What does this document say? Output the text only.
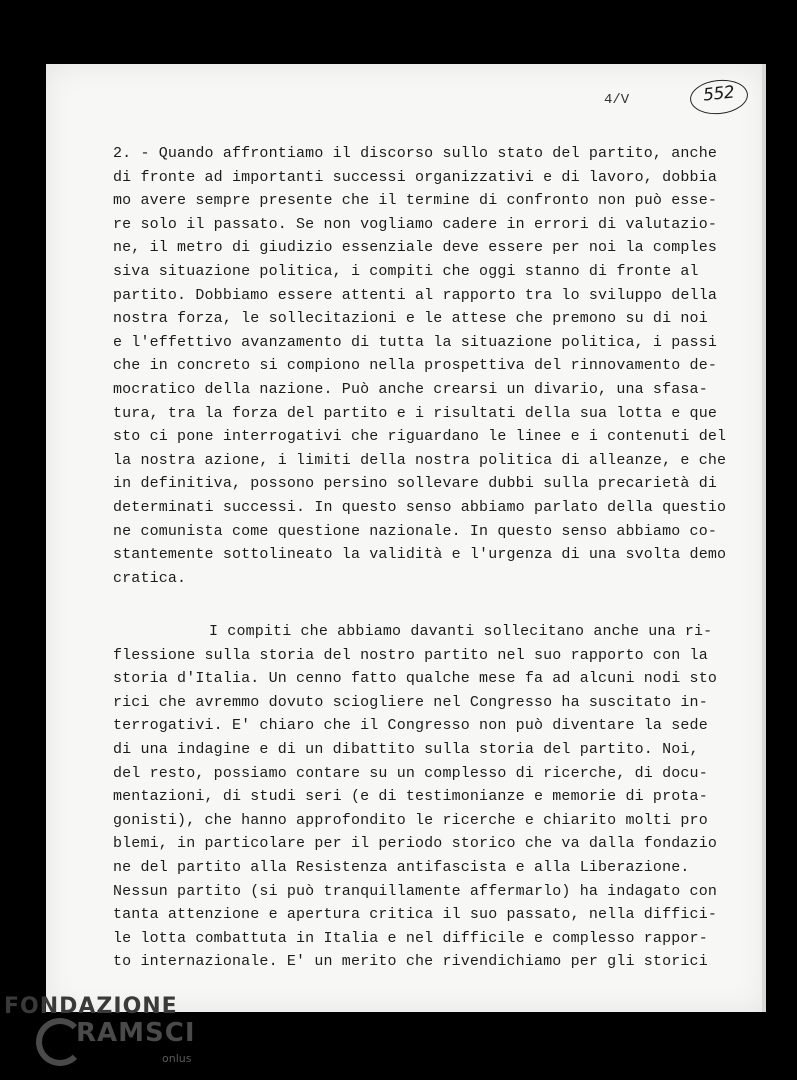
4/V	552
2. - Quando affrontiamo il discorso sullo stato del partito, anche
di fronte ad importanti successi organizzativi e di lavoro, dobbia
mo avere sempre presente che il termine di confronto non può esse-
re solo il passato. Se non vogliamo cadere in errori di valutazio-
ne, il metro di giudizio essenziale deve essere per noi la comples
siva situazione politica, i compiti che oggi stanno di fronte al
partito. Dobbiamo essere attenti al rapporto tra lo sviluppo della
nostra forza, le sollecitazioni e le attese che premono su di noi
e l'effettivo avanzamento di tutta la situazione politica, i passi
che in concreto si compiono nella prospettiva del rinnovamento de-
mocratico della nazione. Può anche crearsi un divario, una sfasa-
tura, tra la forza del partito e i risultati della sua lotta e que
sto ci pone interrogativi che riguardano le linee e i contenuti del
la nostra azione, i limiti della nostra politica di alleanze, e che
in definitiva, possono persino sollevare dubbi sulla precarietà di
determinati successi. In questo senso abbiamo parlato della questio
ne comunista come questione nazionale. In questo senso abbiamo co-
stantemente sottolineato la validità e l'urgenza di una svolta demo
cratica.
I compiti che abbiamo davanti sollecitano anche una ri-
flessione sulla storia del nostro partito nel suo rapporto con la
storia d'Italia. Un cenno fatto qualche mese fa ad alcuni nodi sto
rici che avremmo dovuto sciogliere nel Congresso ha suscitato in-
terrogativi. E' chiaro che il Congresso non può diventare la sede
di una indagine e di un dibattito sulla storia del partito. Noi,
del resto, possiamo contare su un complesso di ricerche, di docu-
mentazioni, di studi seri (e di testimonianze e memorie di prota-
gonisti), che hanno approfondito le ricerche e chiarito molti pro
blemi, in particolare per il periodo storico che va dalla fondazio
ne del partito alla Resistenza antifascista e alla Liberazione.
Nessun partito (si può tranquillamente affermarlo) ha indagato con
tanta attenzione e apertura critica il suo passato, nella diffici-
le lotta combattuta in Italia e nel difficile e complesso rappor-
to internazionale. E' un merito che rivendichiamo per gli storici
FONDAZIONE
RAMSCI
onlus
